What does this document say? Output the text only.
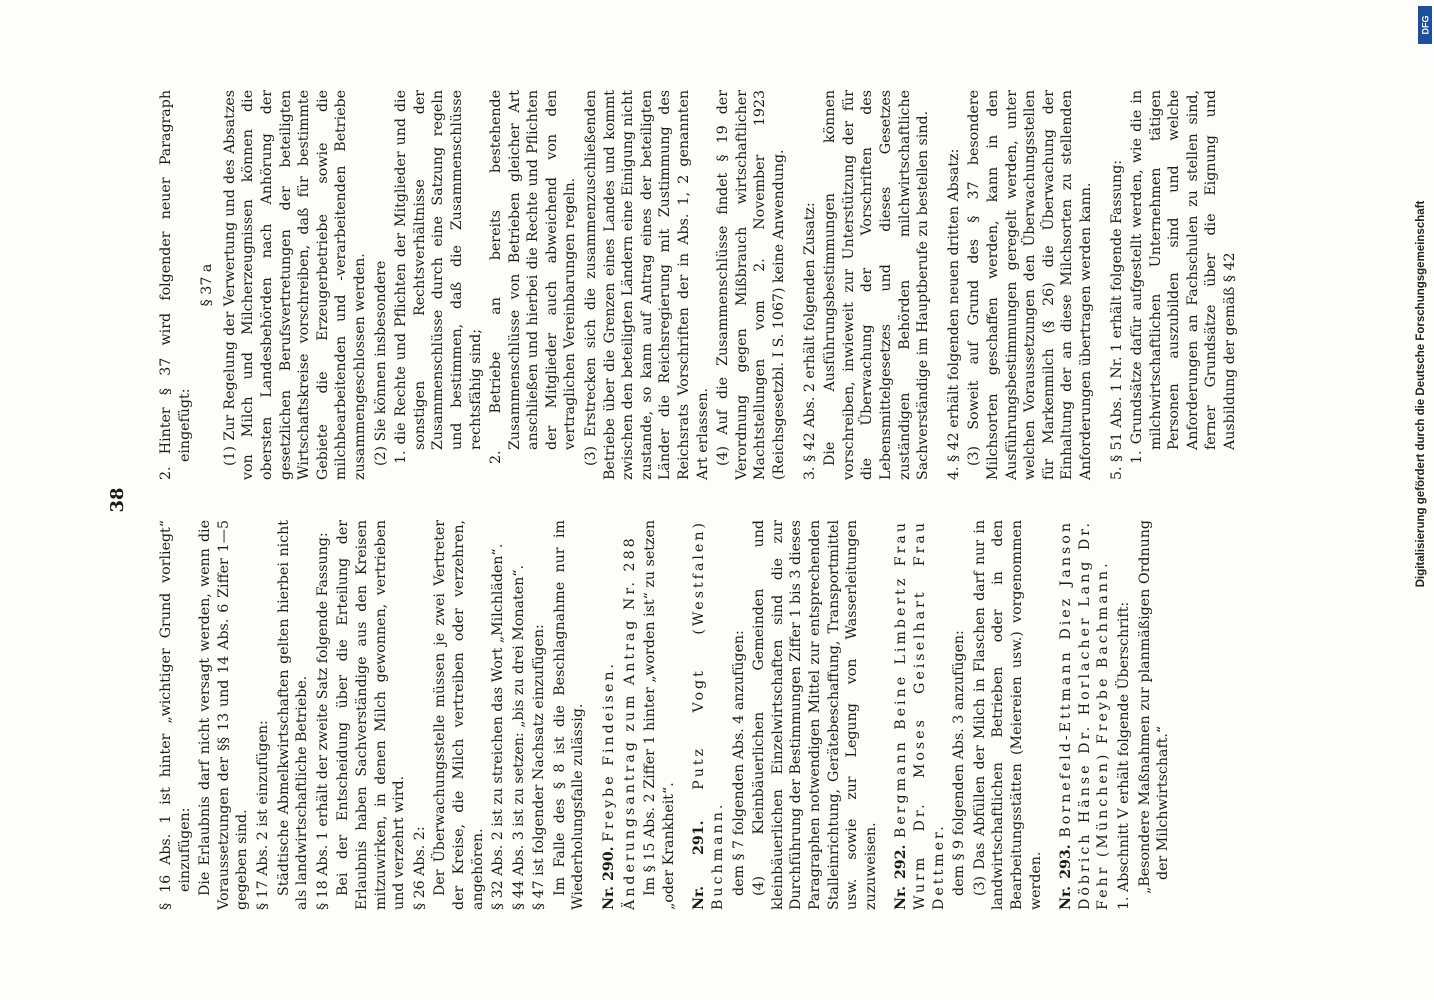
38

§ 16 Abs. 1 ist hinter „wichtiger Grund vorliegt“ einzufügen: Die Erlaubnis darf nicht versagt werden, wenn die Voraussetzungen der §§ 13 und 14 Abs. 6 Ziffer 1—5 gegeben sind. § 17 Abs. 2 ist einzufügen: Städtische Abmelkwirtschaften gelten hierbei nicht als landwirtschaftliche Betriebe. § 18 Abs. 1 erhält der zweite Satz folgende Fassung: Bei der Entscheidung über die Erteilung der Erlaubnis haben Sachverständige aus den Kreisen mitzuwirken, in denen Milch gewonnen, vertrieben und verzehrt wird. § 26 Abs. 2: Der Überwachungsstelle müssen je zwei Vertreter der Kreise, die Milch vertreiben oder verzehren, angehören. § 32 Abs. 2 ist zu streichen das Wort „Milchläden“. § 44 Abs. 3 ist zu setzen: „bis zu drei Monaten“. § 47 ist folgender Nachsatz einzufügen: Im Falle des § 8 ist die Beschlagnahme nur im Wiederholungsfalle zulässig. Nr. 290. Freybe Findeisen. Änderungsantrag zum Antrag Nr. 288 Im § 15 Abs. 2 Ziffer 1 hinter „worden ist“ zu setzen „oder Krankheit“. Nr. 291. Putz Vogt (Westfalen) Buchmann. dem § 7 folgenden Abs. 4 anzufügen: (4) Kleinbäuerlichen Gemeinden und kleinbäuerlichen Einzelwirtschaften sind die zur Durchführung der Bestimmungen Ziffer 1 bis 3 dieses Paragraphen notwendigen Mittel zur entsprechenden Stalleinrichtung, Gerätebeschaffung, Transportmittel usw. sowie zur Legung von Wasserleitungen zuzuweisen. Nr. 292. Bergmann Beine Limbertz Frau Wurm Dr. Moses Geiselhart Frau Dettmer. dem § 9 folgenden Abs. 3 anzufügen: (3) Das Abfüllen der Milch in Flaschen darf nur in landwirtschaftlichen Betrieben oder in den Bearbeitungsstätten (Meiereien usw.) vorgenommen werden. Nr. 293. Bornefeld-Ettmann Diez Janson Döbrich Hänse Dr. Horlacher Lang Dr. Fehr (München) Freybe Bachmann. 1. Abschnitt V erhält folgende Überschrift: „Besondere Maßnahmen zur planmäßigen Ordnung der Milchwirtschaft.“

2. Hinter § 37 wird folgender neuer Paragraph eingefügt:

§ 37 a (1) Zur Regelung der Verwertung und des Absatzes von Milch und Milcherzeugnissen können die obersten Landesbehörden nach Anhörung der gesetzlichen Berufsvertretungen der beteiligten Wirtschaftskreise vorschreiben, daß für bestimmte Gebiete die Erzeugerbetriebe sowie die milchbearbeitenden und -verarbeitenden Betriebe zusammengeschlossen werden. (2) Sie können insbesondere 1. die Rechte und Pflichten der Mitglieder und die sonstigen Rechtsverhältnisse der Zusammenschlüsse durch eine Satzung regeln und bestimmen, daß die Zusammenschlüsse rechtsfähig sind; 2. Betriebe an bereits bestehende Zusammenschlüsse von Betrieben gleicher Art anschließen und hierbei die Rechte und Pflichten der Mitglieder auch abweichend von den vertraglichen Vereinbarungen regeln. (3) Erstrecken sich die zusammenzuschließenden Betriebe über die Grenzen eines Landes und kommt zwischen den beteiligten Ländern eine Einigung nicht zustande, so kann auf Antrag eines der beteiligten Länder die Reichsregierung mit Zustimmung des Reichsrats Vorschriften der in Abs. 1, 2 genannten Art erlassen. (4) Auf die Zusammenschlüsse findet § 19 der Verordnung gegen Mißbrauch wirtschaftlicher Machtstellungen vom 2. November 1923 (Reichsgesetzbl. I S. 1067) keine Anwendung. 3. § 42 Abs. 2 erhält folgenden Zusatz: Die Ausführungsbestimmungen können vorschreiben, inwieweit zur Unterstützung der für die Überwachung der Vorschriften des Lebensmittelgesetzes und dieses Gesetzes zuständigen Behörden milchwirtschaftliche Sachverständige im Hauptberufe zu bestellen sind. 4. § 42 erhält folgenden neuen dritten Absatz: (3) Soweit auf Grund des § 37 besondere Milchsorten geschaffen werden, kann in den Ausführungsbestimmungen geregelt werden, unter welchen Voraussetzungen den Überwachungsstellen für Markenmilch (§ 26) die Überwachung der Einhaltung der an diese Milchsorten zu stellenden Anforderungen übertragen werden kann. 5. § 51 Abs. 1 Nr. 1 erhält folgende Fassung: 1. Grundsätze dafür aufgestellt werden, wie die in milchwirtschaftlichen Unternehmen tätigen Personen auszubilden sind und welche Anforderungen an Fachschulen zu stellen sind, ferner Grundsätze über die Eignung und Ausbildung der gemäß § 42	Digitalisierung gefördert durch die Deutsche Forschungsgemeinschaft
DFG
